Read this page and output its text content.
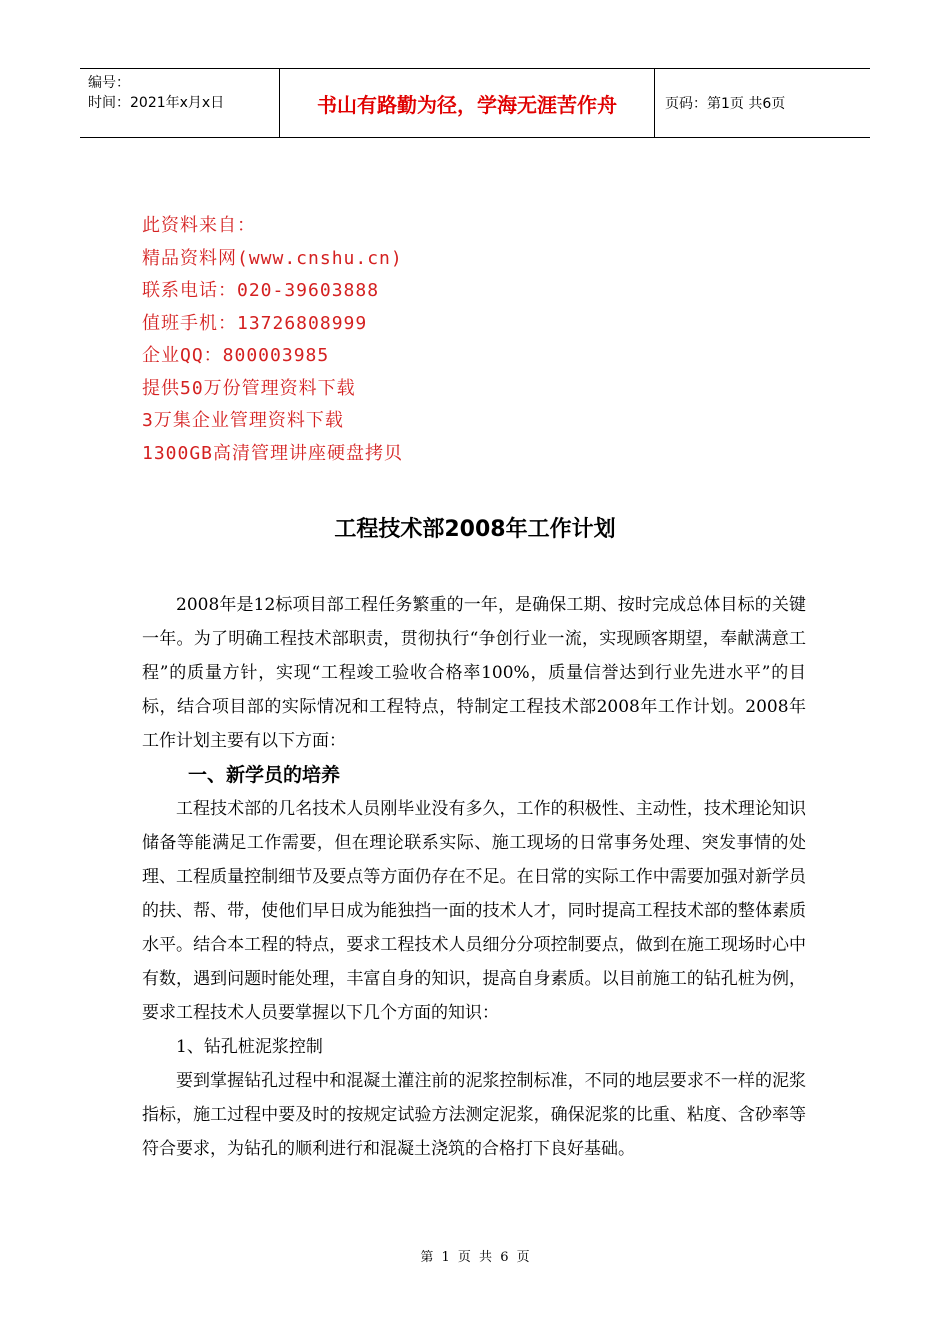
编号：
时间：2021年x月x日	书山有路勤为径，学海无涯苦作舟	页码：第1页 共6页
此资料来自：
精品资料网(www.cnshu.cn)
联系电话：020-39603888
值班手机：13726808999
企业QQ：800003985
提供50万份管理资料下载
3万集企业管理资料下载
1300GB高清管理讲座硬盘拷贝
工程技术部2008年工作计划

2008年是12标项目部工程任务繁重的一年，是确保工期、按时完成总体目标的关键一年。为了明确工程技术部职责，贯彻执行“争创行业一流，实现顾客期望，奉献满意工程”的质量方针，实现“工程竣工验收合格率100%，质量信誉达到行业先进水平”的目标，结合项目部的实际情况和工程特点，特制定工程技术部2008年工作计划。2008年工作计划主要有以下方面：

一、新学员的培养

工程技术部的几名技术人员刚毕业没有多久，工作的积极性、主动性，技术理论知识储备等能满足工作需要，但在理论联系实际、施工现场的日常事务处理、突发事情的处理、工程质量控制细节及要点等方面仍存在不足。在日常的实际工作中需要加强对新学员的扶、帮、带，使他们早日成为能独挡一面的技术人才，同时提高工程技术部的整体素质水平。结合本工程的特点，要求工程技术人员细分分项控制要点，做到在施工现场时心中有数，遇到问题时能处理，丰富自身的知识，提高自身素质。以目前施工的钻孔桩为例，要求工程技术人员要掌握以下几个方面的知识：

1、钻孔桩泥浆控制

要到掌握钻孔过程中和混凝土灌注前的泥浆控制标准，不同的地层要求不一样的泥浆指标，施工过程中要及时的按规定试验方法测定泥浆，确保泥浆的比重、粘度、含砂率等符合要求，为钻孔的顺利进行和混凝土浇筑的合格打下良好基础。

第 1 页 共 6 页
